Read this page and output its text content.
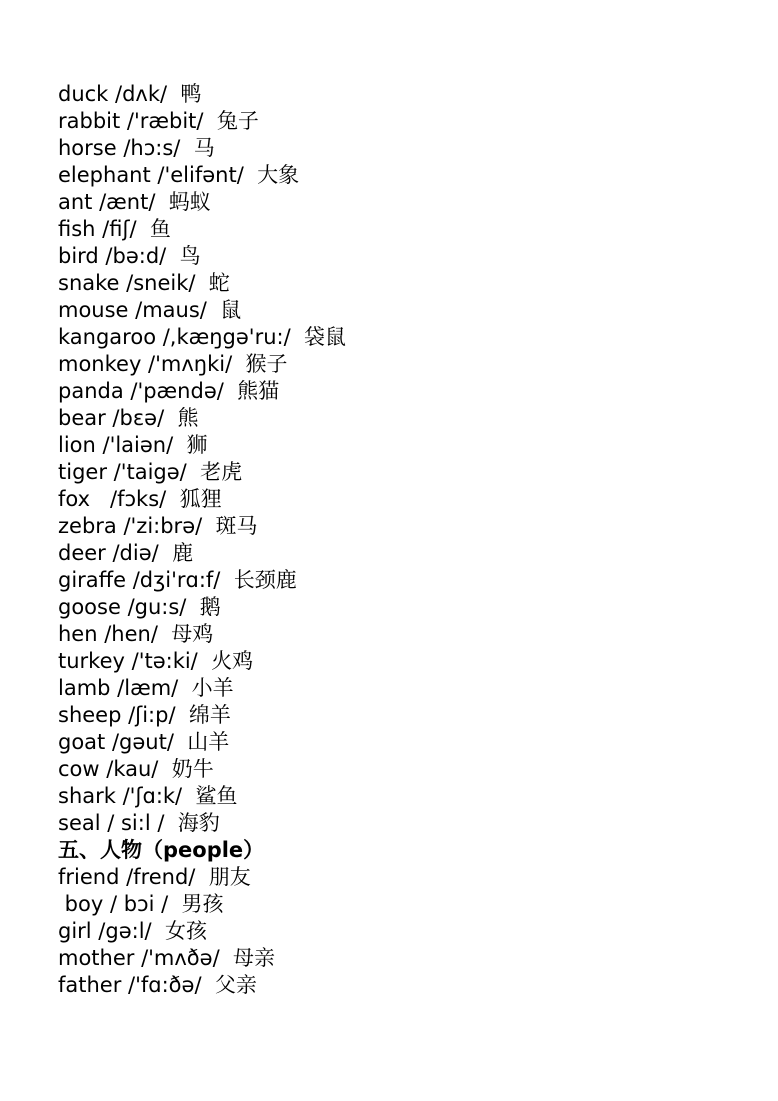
duck /dʌk/  鸭
rabbit /'ræbit/  兔子
horse /hɔ:s/  马
elephant /'elifənt/  大象
ant /ænt/  蚂蚁
fish /fiʃ/  鱼
bird /bə:d/  鸟
snake /sneik/  蛇
mouse /maus/  鼠
kangaroo /,kæŋgə'ru:/  袋鼠
monkey /'mʌŋki/  猴子
panda /'pændə/  熊猫
bear /bɛə/  熊
lion /'laiən/  狮
tiger /'taigə/  老虎
fox   /fɔks/  狐狸
zebra /'zi:brə/  斑马
deer /diə/  鹿
giraffe /dʒi'rɑ:f/  长颈鹿
goose /gu:s/  鹅
hen /hen/  母鸡
turkey /'tə:ki/  火鸡
lamb /læm/  小羊
sheep /ʃi:p/  绵羊
goat /gəut/  山羊
cow /kau/  奶牛
shark /'ʃɑ:k/  鲨鱼
seal / si:l /  海豹
五、人物（people）
friend /frend/  朋友
boy / bɔi /  男孩
girl /gə:l/  女孩
mother /'mʌðə/  母亲
father /'fɑ:ðə/  父亲
